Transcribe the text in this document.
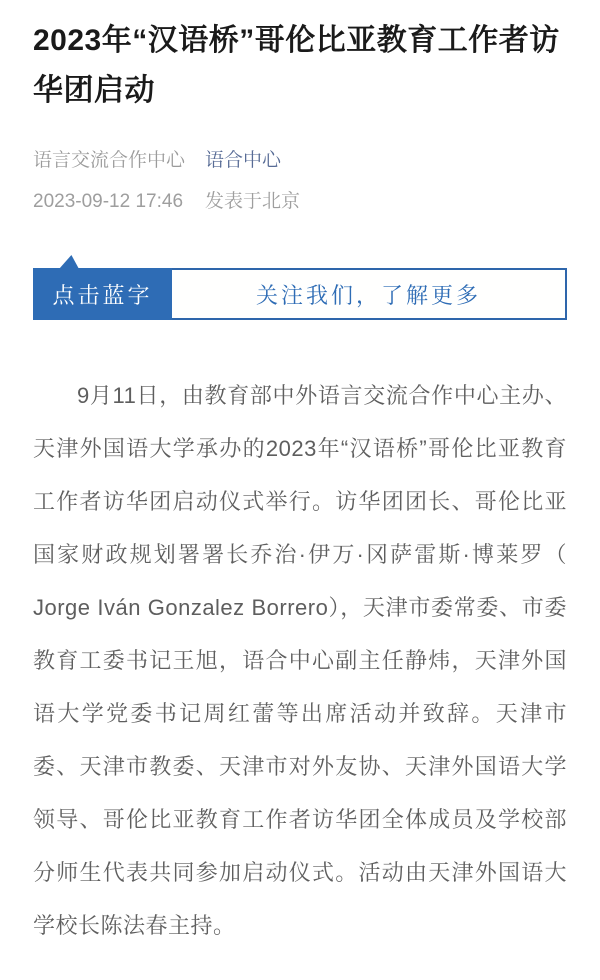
2023年“汉语桥”哥伦比亚教育工作者访华团启动
语言交流合作中心 语合中心
2023-09-12 17:46 发表于北京
点击蓝字	关注我们，了解更多

9月11日，由教育部中外语言交流合作中心主办、天津外国语大学承办的2023年“汉语桥”哥伦比亚教育工作者访华团启动仪式举行。访华团团长、哥伦比亚国家财政规划署署长乔治·伊万·冈萨雷斯·博莱罗（ Jorge Iván Gonzalez Borrero），天津市委常委、市委教育工委书记王旭，语合中心副主任静炜，天津外国语大学党委书记周红蕾等出席活动并致辞。天津市委、天津市教委、天津市对外友协、天津外国语大学领导、哥伦比亚教育工作者访华团全体成员及学校部分师生代表共同参加启动仪式。活动由天津外国语大学校长陈法春主持。
